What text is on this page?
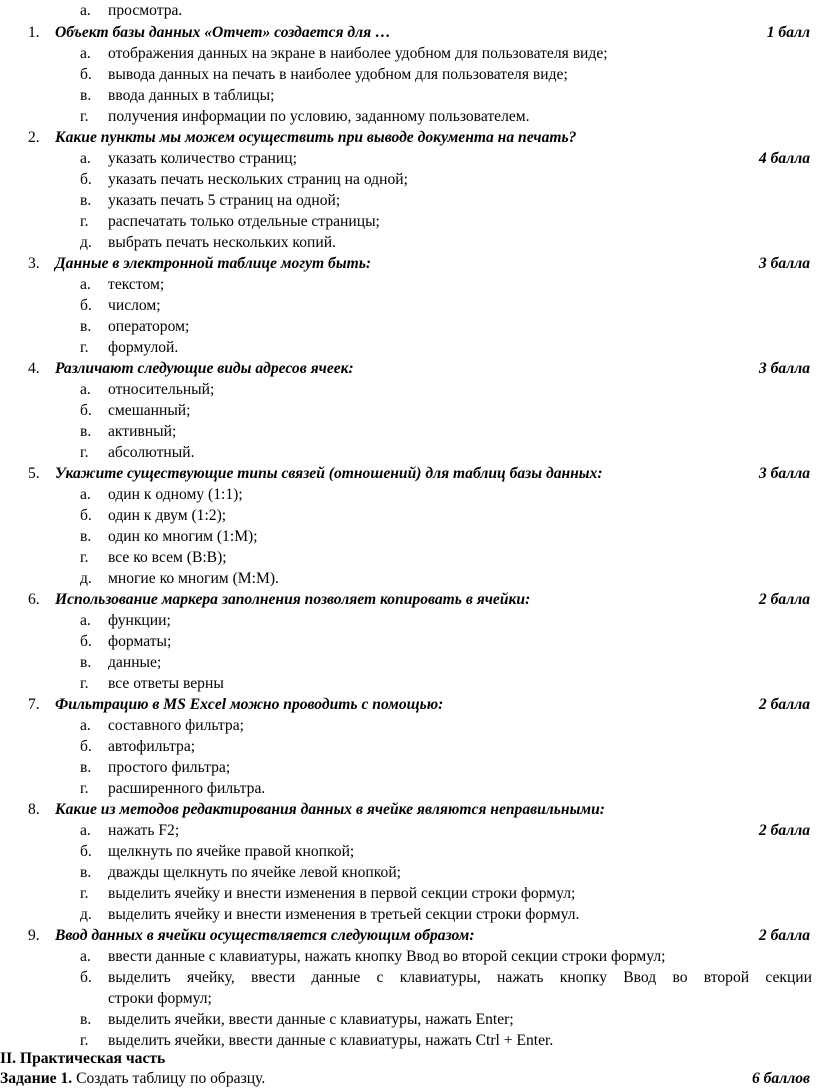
а. просмотра.
1. Объект базы данных «Отчет» создается для …	1 балл
а. отображения данных на экране в наиболее удобном для пользователя виде;
б. вывода данных на печать в наиболее удобном для пользователя виде;
в. ввода данных в таблицы;
г. получения информации по условию, заданному пользователем.
2. Какие пункты мы можем осуществить при выводе документа на печать?
а. указать количество страниц;	4 балла
б. указать печать нескольких страниц на одной;
в. указать печать 5 страниц на одной;
г. распечатать только отдельные страницы;
д. выбрать печать нескольких копий.
3. Данные в электронной таблице могут быть:	3 балла
а. текстом;
б. числом;
в. оператором;
г. формулой.
4. Различают следующие виды адресов ячеек:	3 балла
а. относительный;
б. смешанный;
в. активный;
г. абсолютный.
5. Укажите существующие типы связей (отношений) для таблиц базы данных:	3 балла
а. один к одному (1:1);
б. один к двум (1:2);
в. один ко многим (1:М);
г. все ко всем (В:В);
д. многие ко многим (М:М).
6. Использование маркера заполнения позволяет копировать в ячейки:	2 балла
а. функции;
б. форматы;
в. данные;
г. все ответы верны
7. Фильтрацию в MS Excel можно проводить с помощью:	2 балла
а. составного фильтра;
б. автофильтра;
в. простого фильтра;
г. расширенного фильтра.
8. Какие из методов редактирования данных в ячейке являются неправильными:
а. нажать F2;	2 балла
б. щелкнуть по ячейке правой кнопкой;
в. дважды щелкнуть по ячейке левой кнопкой;
г. выделить ячейку и внести изменения в первой секции строки формул;
д. выделить ячейку и внести изменения в третьей секции строки формул.
9. Ввод данных в ячейки осуществляется следующим образом:	2 балла
а. ввести данные с клавиатуры, нажать кнопку Ввод во второй секции строки формул;
б. выделить ячейку, ввести данные с клавиатуры, нажать кнопку Ввод во второй секции
строки формул;
в. выделить ячейки, ввести данные с клавиатуры, нажать Enter;
г. выделить ячейки, ввести данные с клавиатуры, нажать Ctrl + Enter.
II. Практическая часть
Задание 1. Создать таблицу по образцу.	6 баллов
